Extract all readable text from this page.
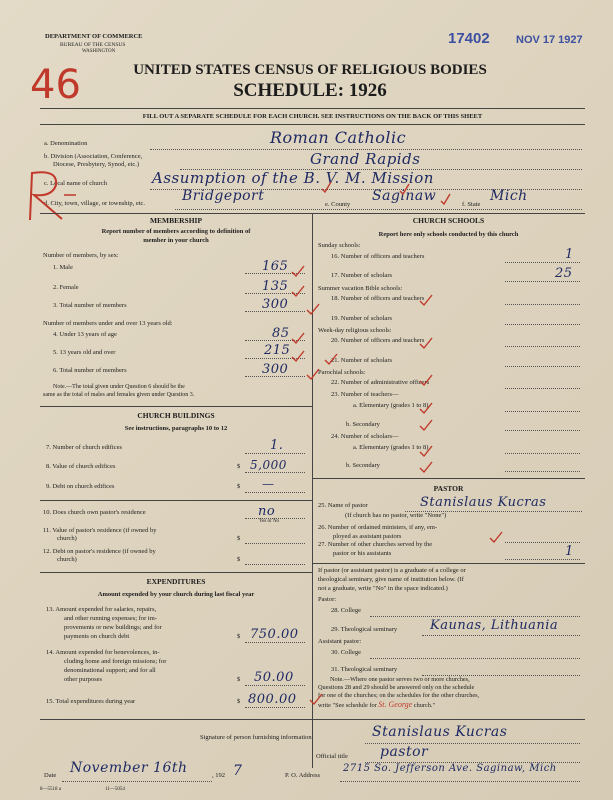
DEPARTMENT OF COMMERCE
BUREAU OF THE CENSUS
WASHINGTON
17402 NOV 17 1927
46	UNITED STATES CENSUS OF RELIGIOUS BODIES
SCHEDULE: 1926
FILL OUT A SEPARATE SCHEDULE FOR EACH CHURCH. SEE INSTRUCTIONS ON THE BACK OF THIS SHEET
a. Denomination	Roman Catholic
b. Division (Association, Conference,
Diocese, Presbytery, Synod, etc.)	Grand Rapids
c. Local name of church	Assumption of the B. V. M. Mission
d. City, town, village, or township, etc.	Bridgeport
e. County
Saginaw
f. State
Mich
MEMBERSHIP
Report number of members according to definition of
member in your church
Number of members, by sex:
1. Male	165
2. Female	135
3. Total number of members	300
Number of members under and over 13 years old:
4. Under 13 years of age	85
5. 13 years old and over	215
6. Total number of members	300
Note.—The total given under Question 6 should be the
same as the total of males and females given under Question 3.
CHURCH BUILDINGS
See instructions, paragraphs 10 to 12
7. Number of church edifices	1.
8. Value of church edifices	$ 5,000
9. Debt on church edifices	$ —
10. Does church own pastor's residence	no
Yes or No
11. Value of pastor's residence (if owned by
church)	$
12. Debt on pastor's residence (if owned by
church)	$
EXPENDITURES
Amount expended by your church during last fiscal year
13. Amount expended for salaries, repairs,
and other running expenses; for im-
provements or new buildings; and for
payments on church debt	$ 750.00
14. Amount expended for benevolences, in-
cluding home and foreign missions; for
denominational support; and for all
other purposes	$ 50.00
15. Total expenditures during year	$ 800.00
CHURCH SCHOOLS
Report here only schools conducted by this church
Sunday schools:
16. Number of officers and teachers	1
17. Number of scholars	25
Summer vacation Bible schools:
18. Number of officers and teachers
19. Number of scholars
Week-day religious schools:
20. Number of officers and teachers
21. Number of scholars
Parochial schools:
22. Number of administrative officers
23. Number of teachers—
a. Elementary (grades 1 to 8)
b. Secondary
24. Number of scholars—
a. Elementary (grades 1 to 8)
b. Secondary
PASTOR
25. Name of pastor	Stanislaus Kucras
(If church has no pastor, write "None")
26. Number of ordained ministers, if any, em-
ployed as assistant pastors
27. Number of other churches served by the
pastor or his assistants	1
If pastor (or assistant pastor) is a graduate of a college or
theological seminary, give name of institution below. (If
not a graduate, write "No" in the space indicated.)
Pastor:
28. College
29. Theological seminary	Kaunas, Lithuania
Assistant pastor:
30. College
31. Theological seminary
Note.—Where one pastor serves two or more churches,
Questions 28 and 29 should be answered only on the schedule
for one of the churches; on the schedules for the other churches,
write "See schedule for St. George church."
Signature of person furnishing information	Stanislaus Kucras
Official title pastor
Date November 16th	, 192 7	P. O. Address
2715 So. Jefferson Ave. Saginaw, Mich
8—5518 a	11—5054
